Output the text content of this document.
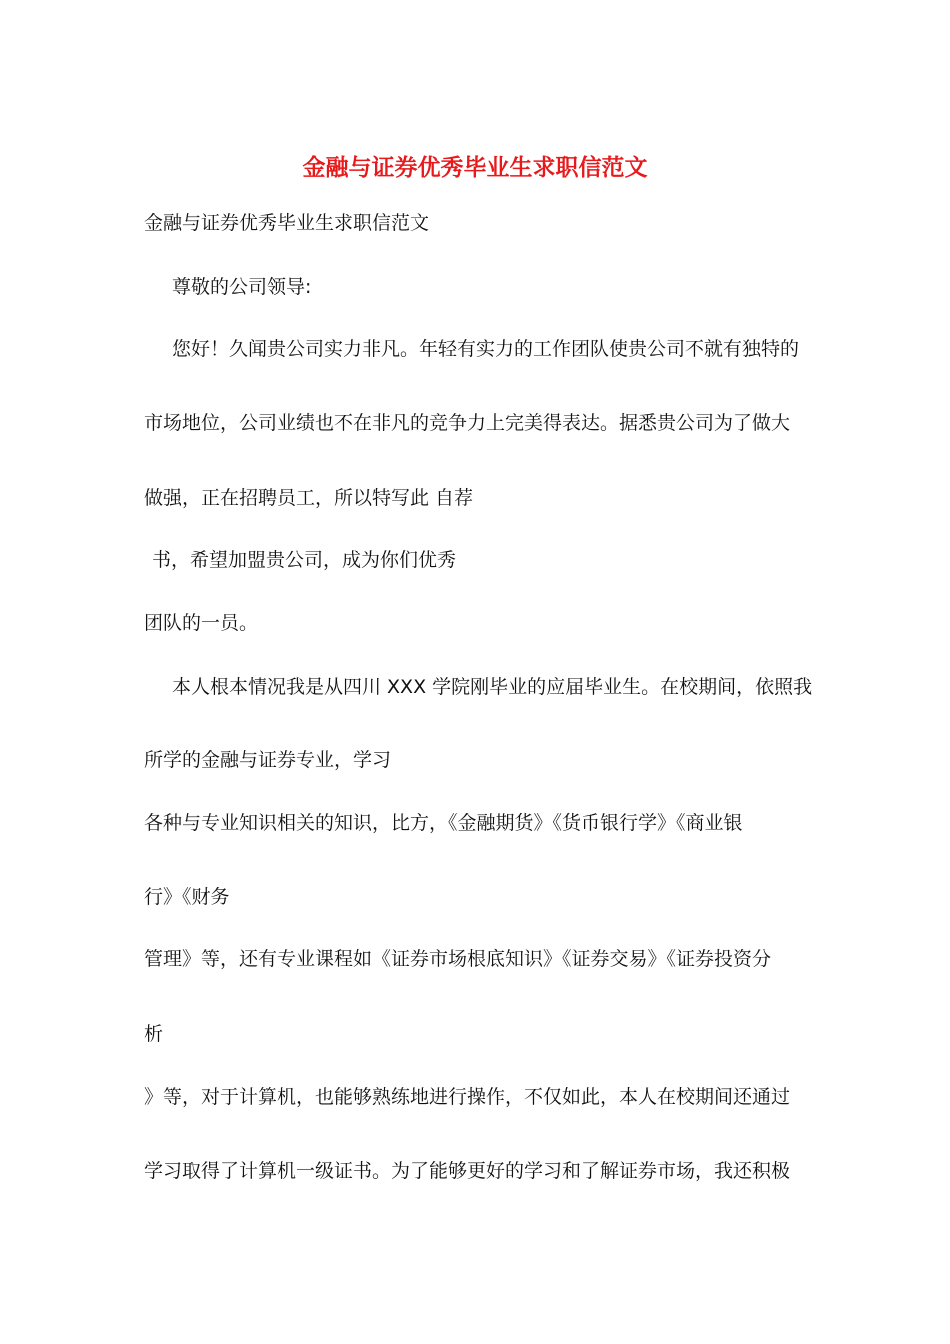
金融与证券优秀毕业生求职信范文
金融与证券优秀毕业生求职信范文
尊敬的公司领导:
您好！久闻贵公司实力非凡。年轻有实力的工作团队使贵公司不就有独特的
市场地位，公司业绩也不在非凡的竞争力上完美得表达。据悉贵公司为了做大
做强，正在招聘员工，所以特写此 自荐
书，希望加盟贵公司，成为你们优秀
团队的一员。
本人根本情况我是从四川 XXX 学院刚毕业的应届毕业生。在校期间，依照我
所学的金融与证券专业，学习
各种与专业知识相关的知识，比方，《金融期货》《货币银行学》《商业银
行》《财务
管理》等，还有专业课程如《证券市场根底知识》《证券交易》《证券投资分
析
》等，对于计算机，也能够熟练地进行操作，不仅如此，本人在校期间还通过
学习取得了计算机一级证书。为了能够更好的学习和了解证券市场，我还积极
